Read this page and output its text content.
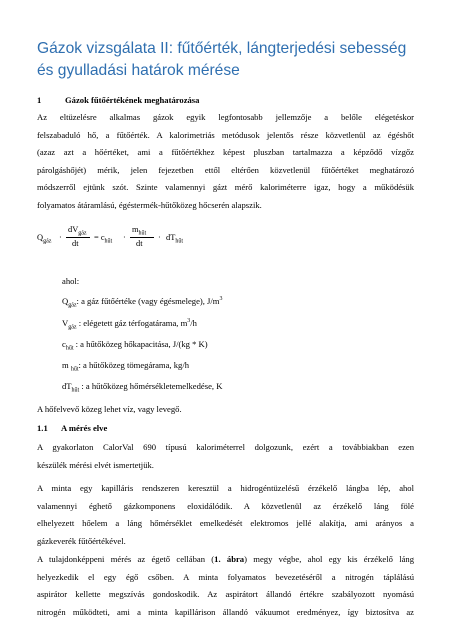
Gázok vizsgálata II: fűtőérték, lángterjedési sebesség és gyulladási határok mérése
1	Gázok fűtőértékének meghatározása
Az eltüzelésre alkalmas gázok egyik legfontosabb jellemzője a belőle elégetéskor
felszabaduló hő, a fűtőérték. A kalorimetriás metódusok jelentős része közvetlenül az égéshőt
(azaz azt a hőértéket, ami a fűtőértékhez képest pluszban tartalmazza a képződő vízgőz
párolgáshőjét) mérik, jelen fejezetben ettől eltérően közvetlenül fűtőértéket meghatározó
módszerről ejtünk szót. Szinte valamennyi gázt mérő kaloriméterre igaz, hogy a működésük
folyamatos átáramlású, égéstermék-hűtőközeg hőcserén alapszik.
$Q_{gáz}$ ·
$dV_{gáz}$
dt
= $c_{hűt}$ ·
$m_{hűt}$
dt
· $dT_{hűt}$
ahol:
$Q_{gáz}$: a gáz fűtőértéke (vagy égésmelege), $J/m^3$
$V_{gáz}$ : elégetett gáz térfogatárama, $m^3/h$
$c_{hűt}$ : a hűtőközeg hőkapacitása, J/(kg * K)
m $_{hűt}$: a hűtőközeg tömegárama, kg/h
$dT_{hűt}$ : a hűtőközeg hőmérsékletemelkedése, K
A hőfelvevő közeg lehet víz, vagy levegő.
1.1 A mérés elve
A gyakorlaton CalorVal 690 típusú kaloriméterrel dolgozunk, ezért a továbbiakban ezen
készülék mérési elvét ismertetjük.
A minta egy kapilláris rendszeren keresztül a hidrogéntüzelésű érzékelő lángba lép, ahol
valamennyi éghető gázkomponens eloxidálódik. A közvetlenül az érzékelő láng fölé
elhelyezett hőelem a láng hőmérséklet emelkedését elektromos jellé alakítja, ami arányos a
gázkeverék fűtőértékével.
A tulajdonképpeni mérés az égető cellában (1. ábra) megy végbe, ahol egy kis érzékelő láng
helyezkedik el egy égő csőben. A minta folyamatos bevezetéséről a nitrogén táplálású
aspirátor kellette megszívás gondoskodik. Az aspirátort állandó értékre szabályozott nyomású
nitrogén működteti, ami a minta kapillárison állandó vákuumot eredményez, így biztosítva az
